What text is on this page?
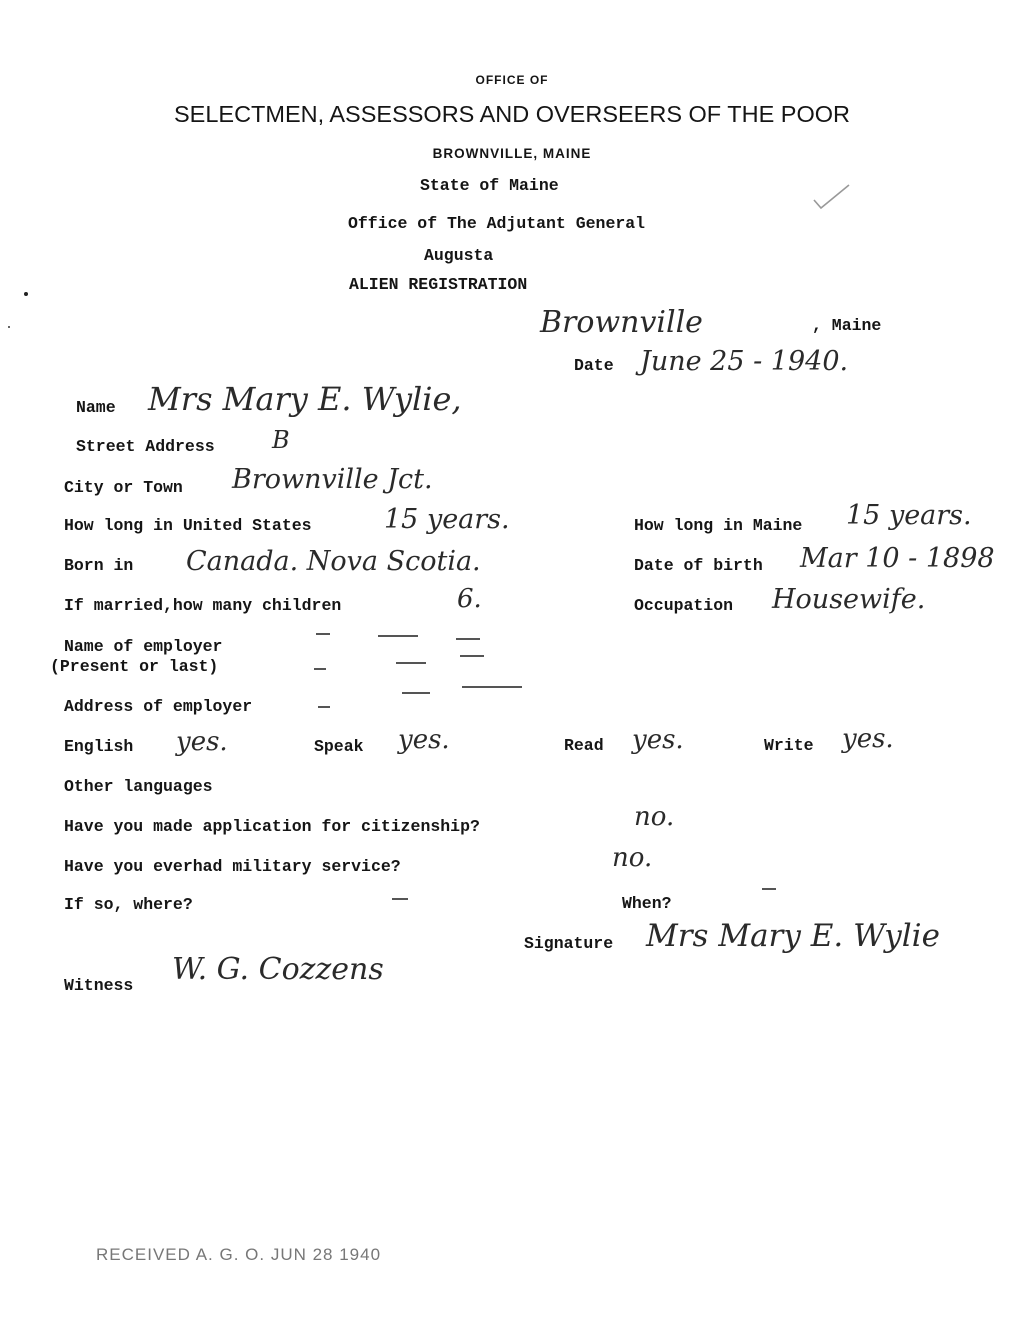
OFFICE OF
SELECTMEN, ASSESSORS AND OVERSEERS OF THE POOR
BROWNVILLE, MAINE
State of Maine
Office of The Adjutant General
Augusta
ALIEN REGISTRATION
Brownville	, Maine
Date June 25 - 1940.
Name Mrs Mary E. Wylie,
Street Address B
City or Town Brownville Jct.
How long in United States	15 years.	How long in Maine 15 years.
Born in Canada. Nova Scotia.	Date of birth Mar 10 - 1898
If married,how many children	6.	Occupation Housewife.
Name of employer
(Present or last)
Address of employer
English yes.	Speak yes.	Read yes.	Write yes.
Other languages
Have you made application for citizenship?	no.
Have you everhad military service?	no.
If so, where?	When?
Signature Mrs Mary E. Wylie
Witness W. G. Cozzens
RECEIVED A. G. O. JUN 28 1940
